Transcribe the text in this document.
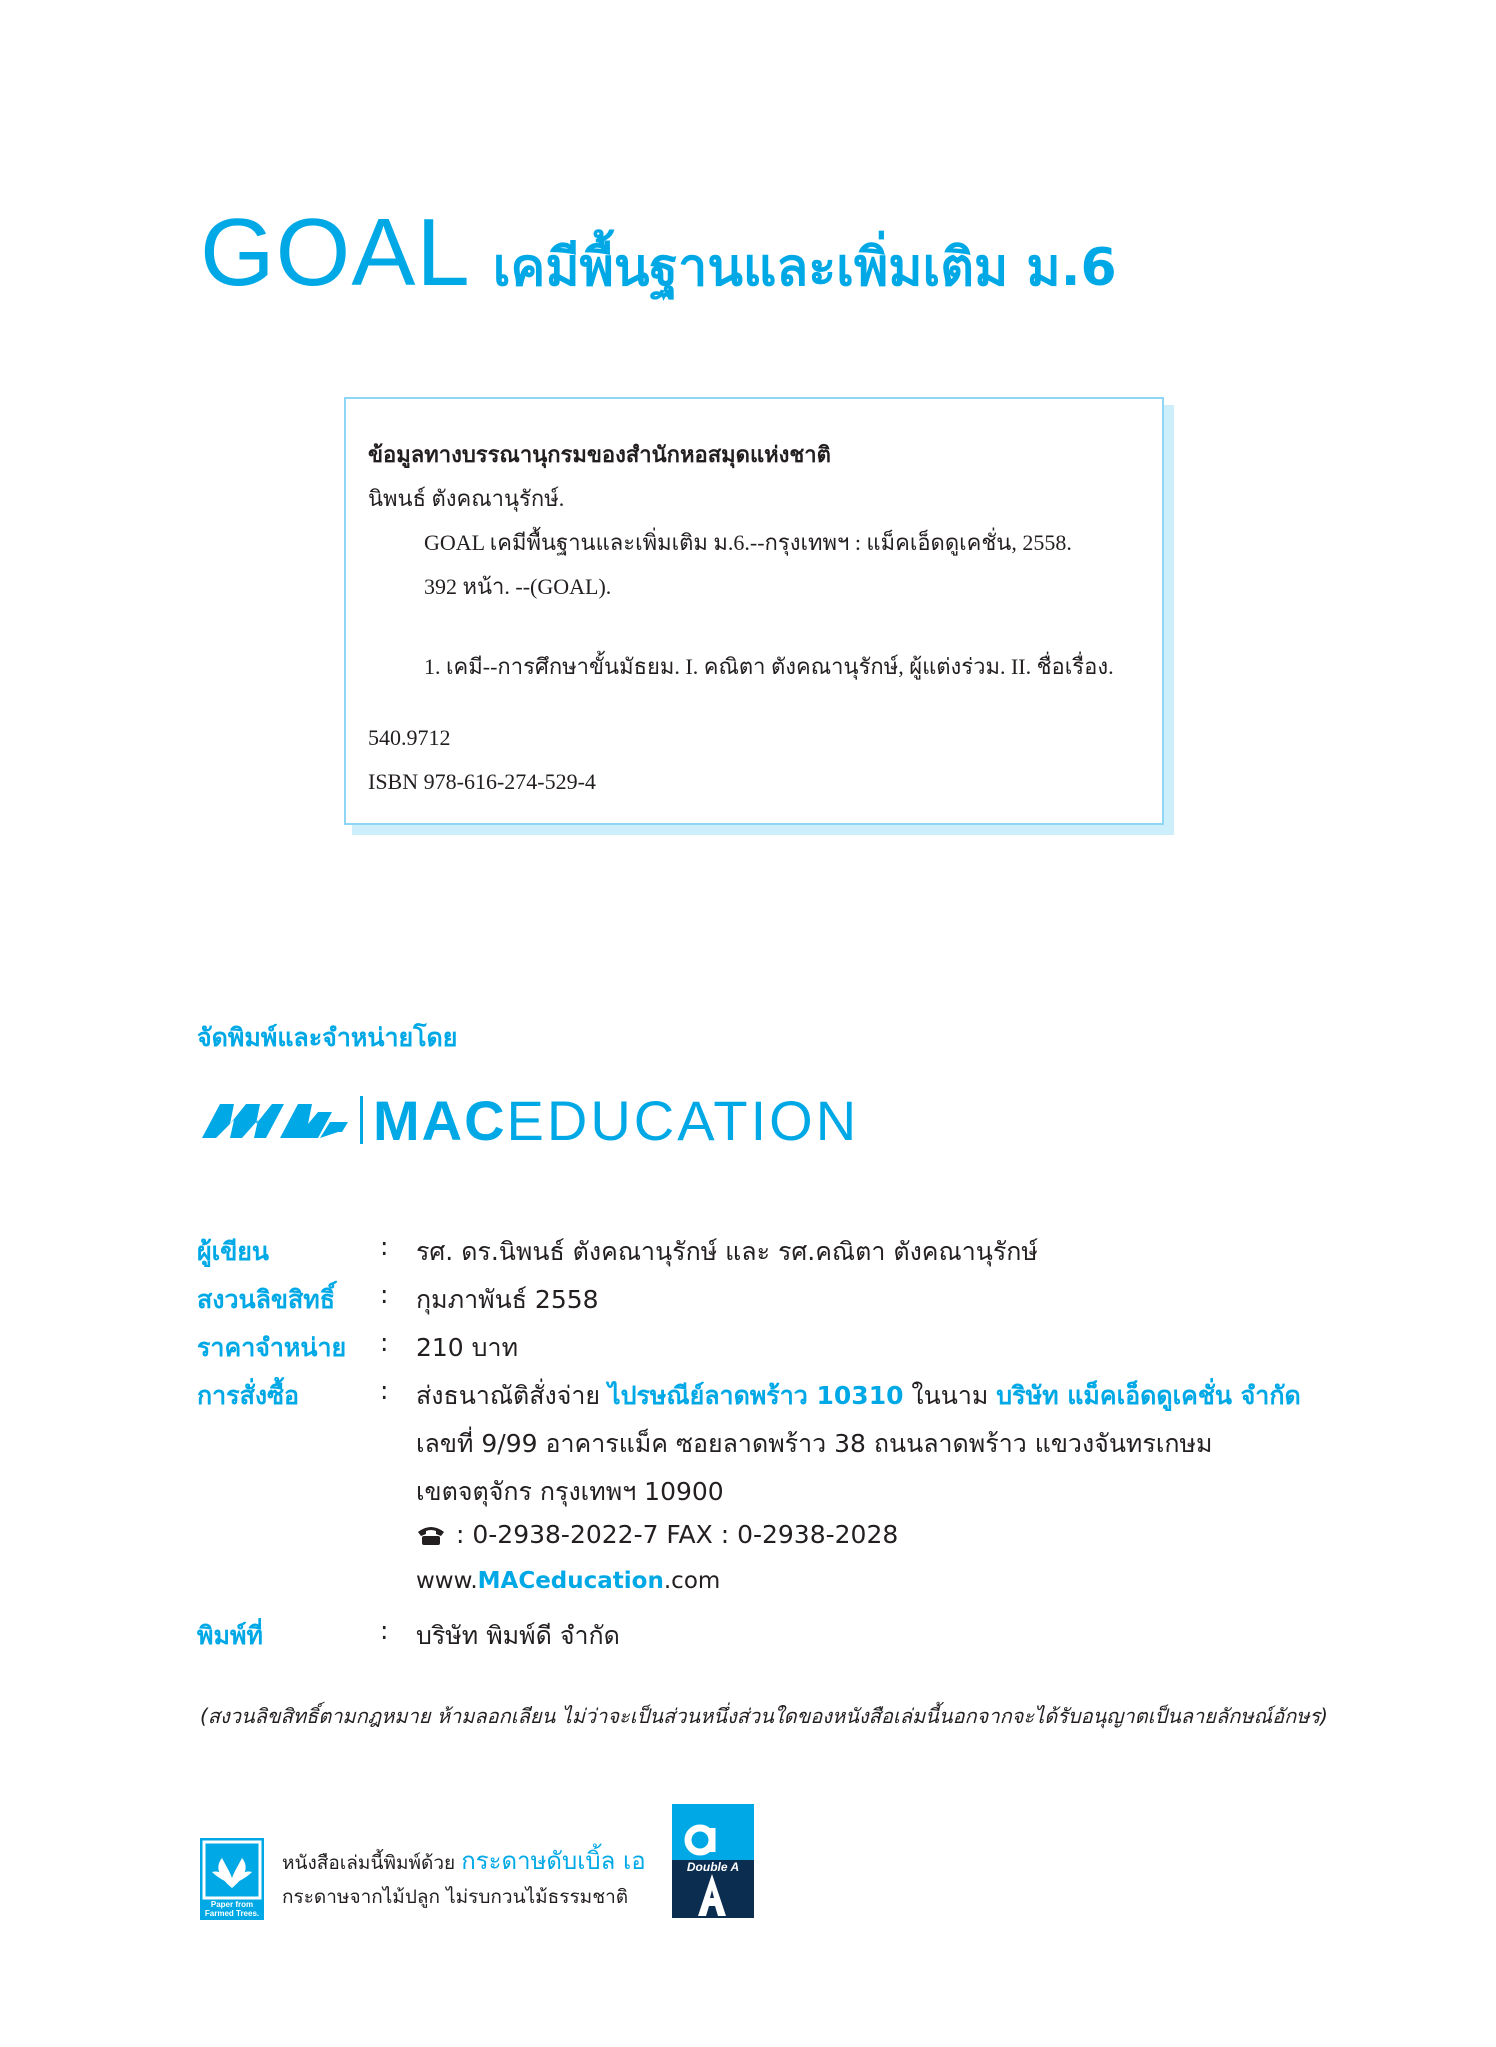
GOAL เคมีพื้นฐานและเพิ่มเติม ม.6
ข้อมูลทางบรรณานุกรมของสำนักหอสมุดแห่งชาติ
นิพนธ์ ตังคณานุรักษ์.
GOAL เคมีพื้นฐานและเพิ่มเติม ม.6.--กรุงเทพฯ : แม็คเอ็ดดูเคชั่น, 2558.
392 หน้า. --(GOAL).
1. เคมี--การศึกษาขั้นมัธยม. I. คณิตา ตังคณานุรักษ์, ผู้แต่งร่วม. II. ชื่อเรื่อง.
540.9712
ISBN 978-616-274-529-4
จัดพิมพ์และจำหน่ายโดย
MAC EDUCATION
ผู้เขียน	: รศ. ดร.นิพนธ์ ตังคณานุรักษ์ และ รศ.คณิตา ตังคณานุรักษ์
สงวนลิขสิทธิ์ : กุมภาพันธ์ 2558
ราคาจำหน่าย : 210 บาท
การสั่งซื้อ	: ส่งธนาณัติสั่งจ่าย ไปรษณีย์ลาดพร้าว 10310 ในนาม บริษัท แม็คเอ็ดดูเคชั่น จำกัด
เลขที่ 9/99 อาคารแม็ค ซอยลาดพร้าว 38 ถนนลาดพร้าว แขวงจันทรเกษม
เขตจตุจักร กรุงเทพฯ 10900
: 0-2938-2022-7 FAX : 0-2938-2028
www.MACeducation.com
พิมพ์ที่	: บริษัท พิมพ์ดี จำกัด
(สงวนลิขสิทธิ์ตามกฎหมาย ห้ามลอกเลียน ไม่ว่าจะเป็นส่วนหนึ่งส่วนใดของหนังสือเล่มนี้นอกจากจะได้รับอนุญาตเป็นลายลักษณ์อักษร)
Paper from Farmed Trees.
หนังสือเล่มนี้พิมพ์ด้วย กระดาษดับเบิ้ล เอ
กระดาษจากไม้ปลูก ไม่รบกวนไม้ธรรมชาติ
Double A
